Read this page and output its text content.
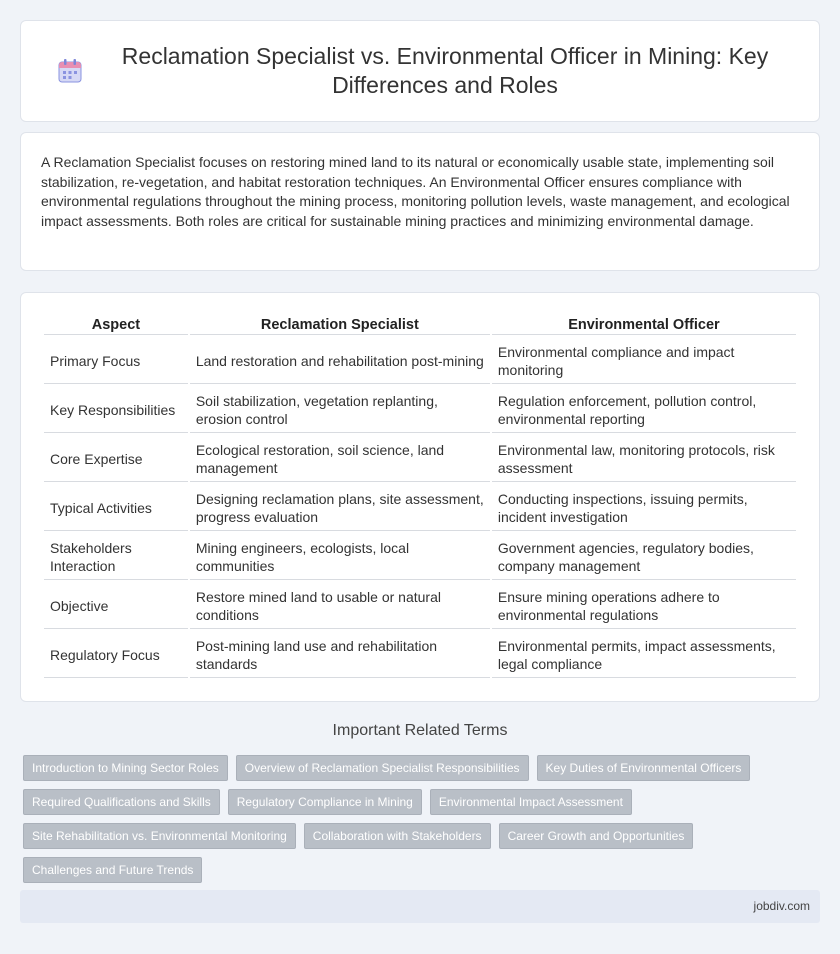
Reclamation Specialist vs. Environmental Officer in Mining: Key Differences and Roles

A Reclamation Specialist focuses on restoring mined land to its natural or economically usable state, implementing soil stabilization, re-vegetation, and habitat restoration techniques. An Environmental Officer ensures compliance with environmental regulations throughout the mining process, monitoring pollution levels, waste management, and ecological impact assessments. Both roles are critical for sustainable mining practices and minimizing environmental damage.

Aspect	Reclamation Specialist	Environmental Officer
Primary Focus	Land restoration and rehabilitation post-mining	Environmental compliance and impact monitoring
Key Responsibilities	Soil stabilization, vegetation replanting, erosion control	Regulation enforcement, pollution control, environmental reporting
Core Expertise	Ecological restoration, soil science, land management	Environmental law, monitoring protocols, risk assessment
Typical Activities	Designing reclamation plans, site assessment, progress evaluation	Conducting inspections, issuing permits, incident investigation
Stakeholders Interaction	Mining engineers, ecologists, local communities	Government agencies, regulatory bodies, company management
Objective	Restore mined land to usable or natural conditions	Ensure mining operations adhere to environmental regulations
Regulatory Focus	Post-mining land use and rehabilitation standards	Environmental permits, impact assessments, legal compliance
Important Related Terms
Introduction to Mining Sector Roles	Overview of Reclamation Specialist Responsibilities	Key Duties of Environmental Officers
Required Qualifications and Skills	Regulatory Compliance in Mining	Environmental Impact Assessment
Site Rehabilitation vs. Environmental Monitoring	Collaboration with Stakeholders	Career Growth and Opportunities
Challenges and Future Trends
jobdiv.com
